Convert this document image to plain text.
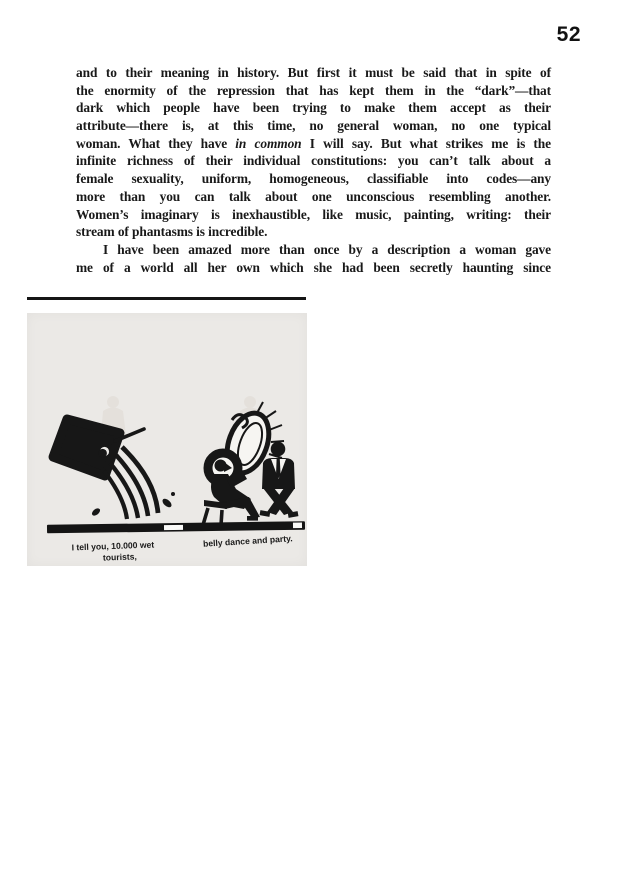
52
and to their meaning in history. But first it must be said that in spite of
the enormity of the repression that has kept them in the “dark”—that
dark which people have been trying to make them accept as their
attribute—there is, at this time, no general woman, no one typical
woman. What they have in common I will say. But what strikes me is the
infinite richness of their individual constitutions: you can’t talk about a
female sexuality, uniform, homogeneous, classifiable into codes—any
more than you can talk about one unconscious resembling another.
Women’s imaginary is inexhaustible, like music, painting, writing: their
stream of phantasms is incredible.
I have been amazed more than once by a description a woman gave
me of a world all her own which she had been secretly haunting since
I tell you, 10.000 wet
tourists,
belly dance and party.
